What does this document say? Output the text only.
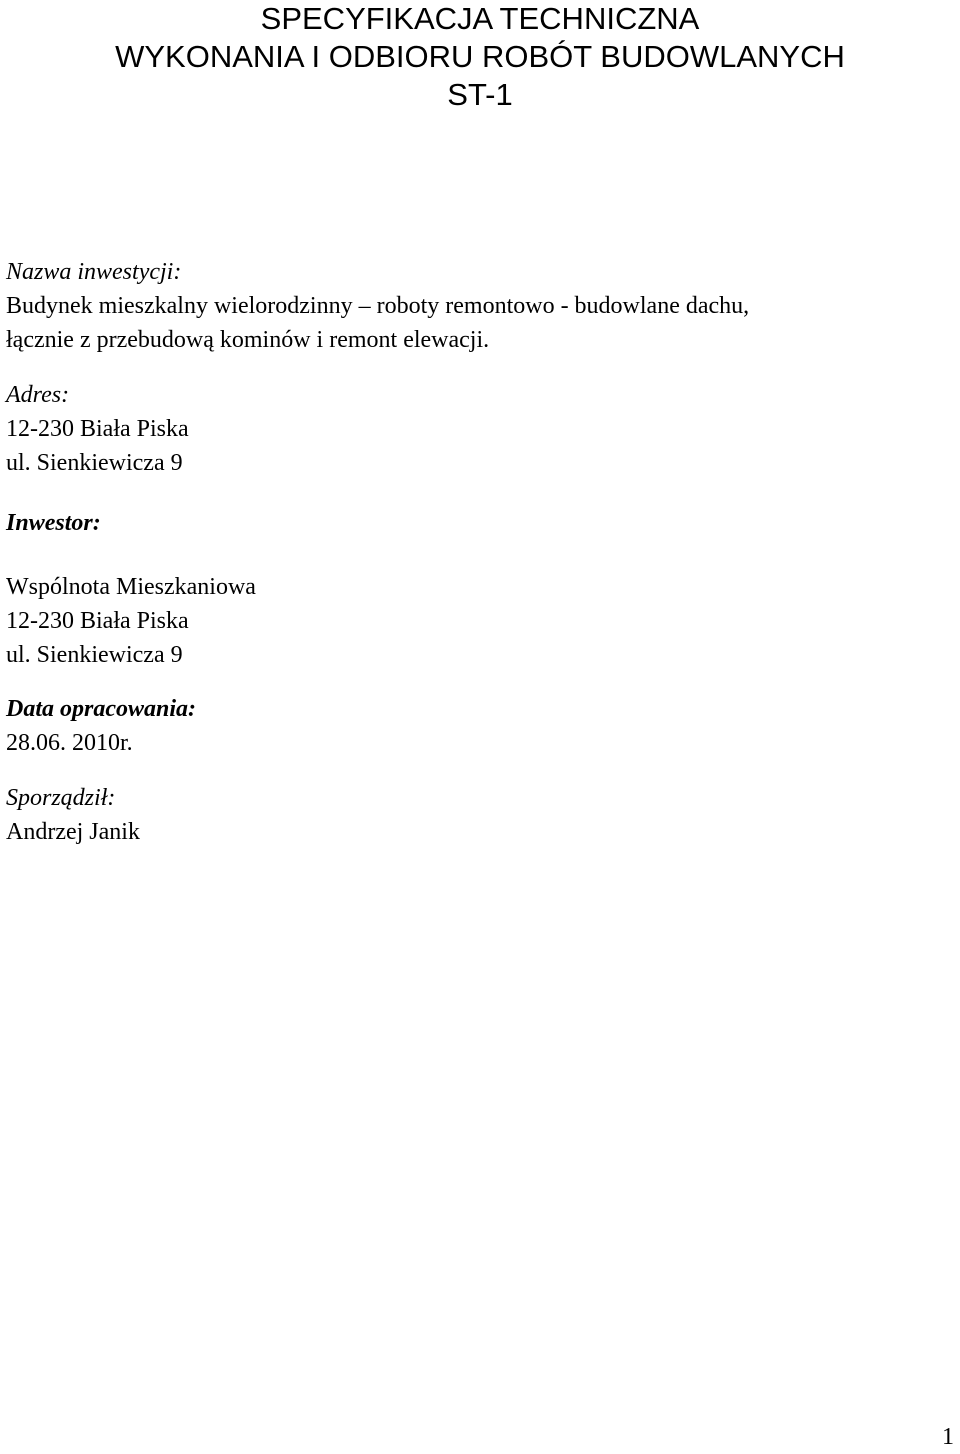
SPECYFIKACJA TECHNICZNA
WYKONANIA I ODBIORU ROBÓT BUDOWLANYCH
ST-1
Nazwa inwestycji:
Budynek mieszkalny wielorodzinny – roboty remontowo - budowlane dachu,
łącznie z przebudową kominów i remont elewacji.
Adres:
12-230 Biała Piska
ul. Sienkiewicza 9
Inwestor:
Wspólnota Mieszkaniowa
12-230 Biała Piska
ul. Sienkiewicza 9
Data opracowania:
28.06. 2010r.
Sporządził:
Andrzej Janik
1
